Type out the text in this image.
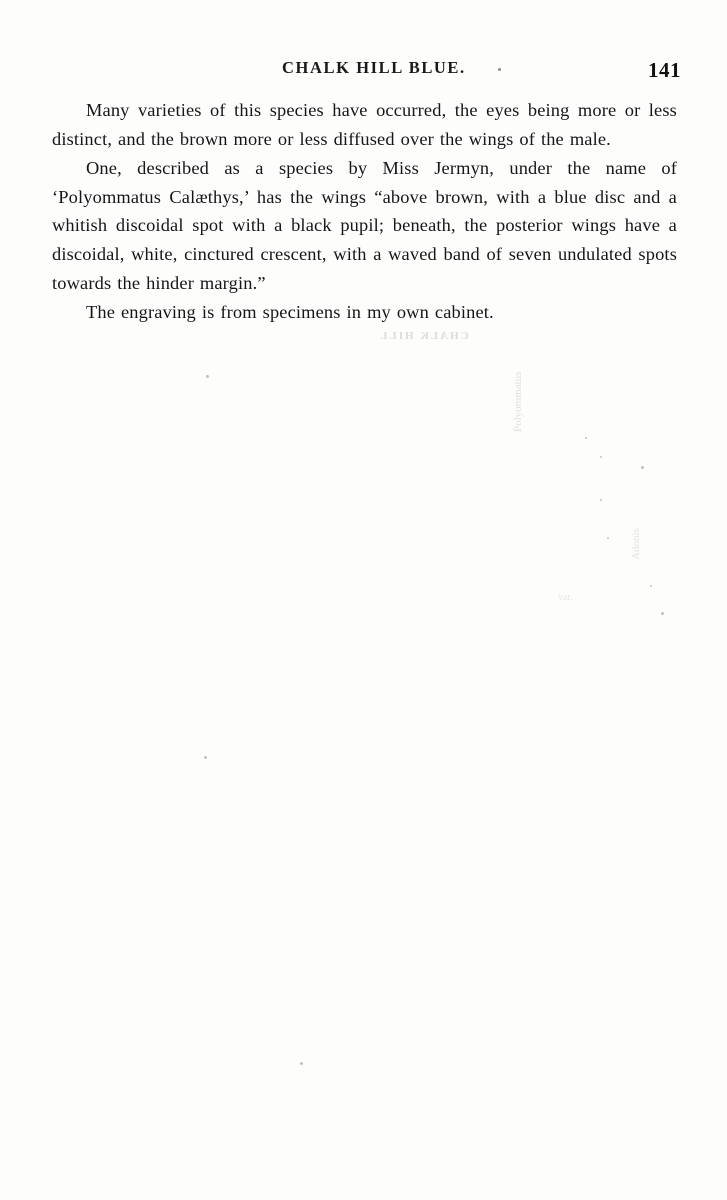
CHALK HILL BLUE.	141

Many varieties of this species have occurred, the eyes being more or less distinct, and the brown more or less diffused over the wings of the male.

One, described as a species by Miss Jermyn, under the name of ‘Polyommatus Calæthys,’ has the wings “above brown, with a blue disc and a whitish discoidal spot with a black pupil; beneath, the posterior wings have a discoidal, white, cinctured crescent, with a waved band of seven undulated spots towards the hinder margin.”

The engraving is from specimens in my own cabinet.

CHALK HILL
Polyommatus
Adonis
var.
